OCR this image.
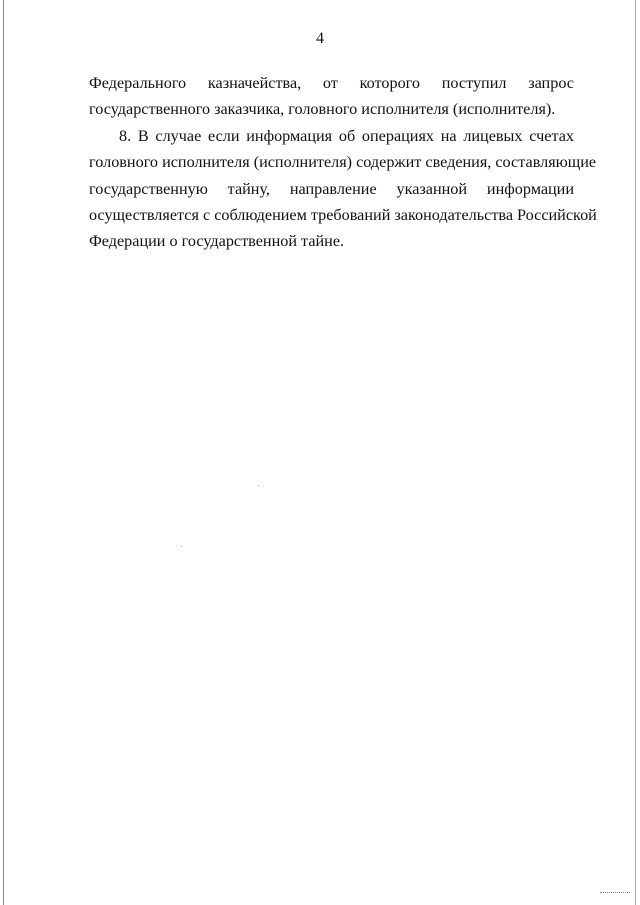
4

Федерального казначейства, от которого поступил запрос
государственного заказчика, головного исполнителя (исполнителя).

8. В случае если информация об операциях на лицевых счетах
головного исполнителя (исполнителя) содержит сведения, составляющие
государственную тайну, направление указанной информации
осуществляется с соблюдением требований законодательства Российской
Федерации о государственной тайне.
